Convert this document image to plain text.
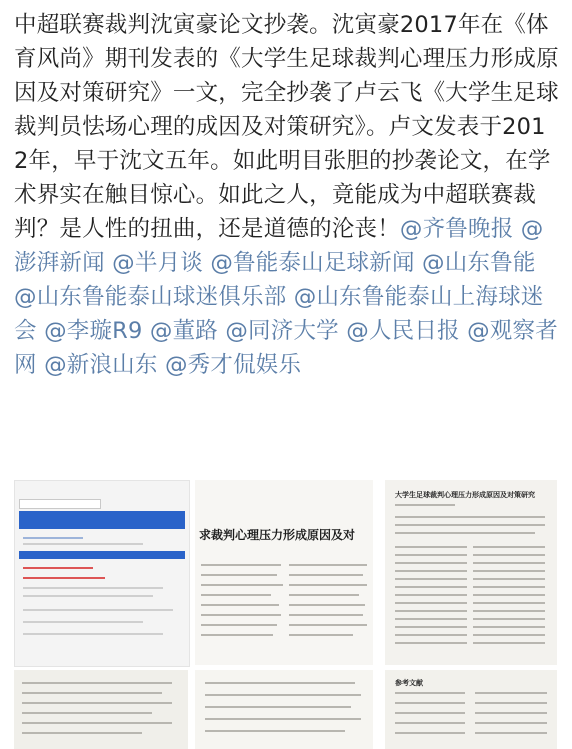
中超联赛裁判沈寅豪论文抄袭。沈寅豪2017年在《体育风尚》期刊发表的《大学生足球裁判心理压力形成原因及对策研究》一文，完全抄袭了卢云飞《大学生足球裁判员怯场心理的成因及对策研究》。卢文发表于2012年，早于沈文五年。如此明目张胆的抄袭论文，在学术界实在触目惊心。如此之人，竟能成为中超联赛裁判？是人性的扭曲，还是道德的沦丧！@齐鲁晚报 @澎湃新闻 @半月谈 @鲁能泰山足球新闻 @山东鲁能 @山东鲁能泰山球迷俱乐部 @山东鲁能泰山上海球迷会 @李璇R9 @董路 @同济大学 @人民日报 @观察者网 @新浪山东 @秀才侃娱乐
求裁判心理压力形成原因及对
大学生足球裁判心理压力形成原因及对策研究
参考文献
